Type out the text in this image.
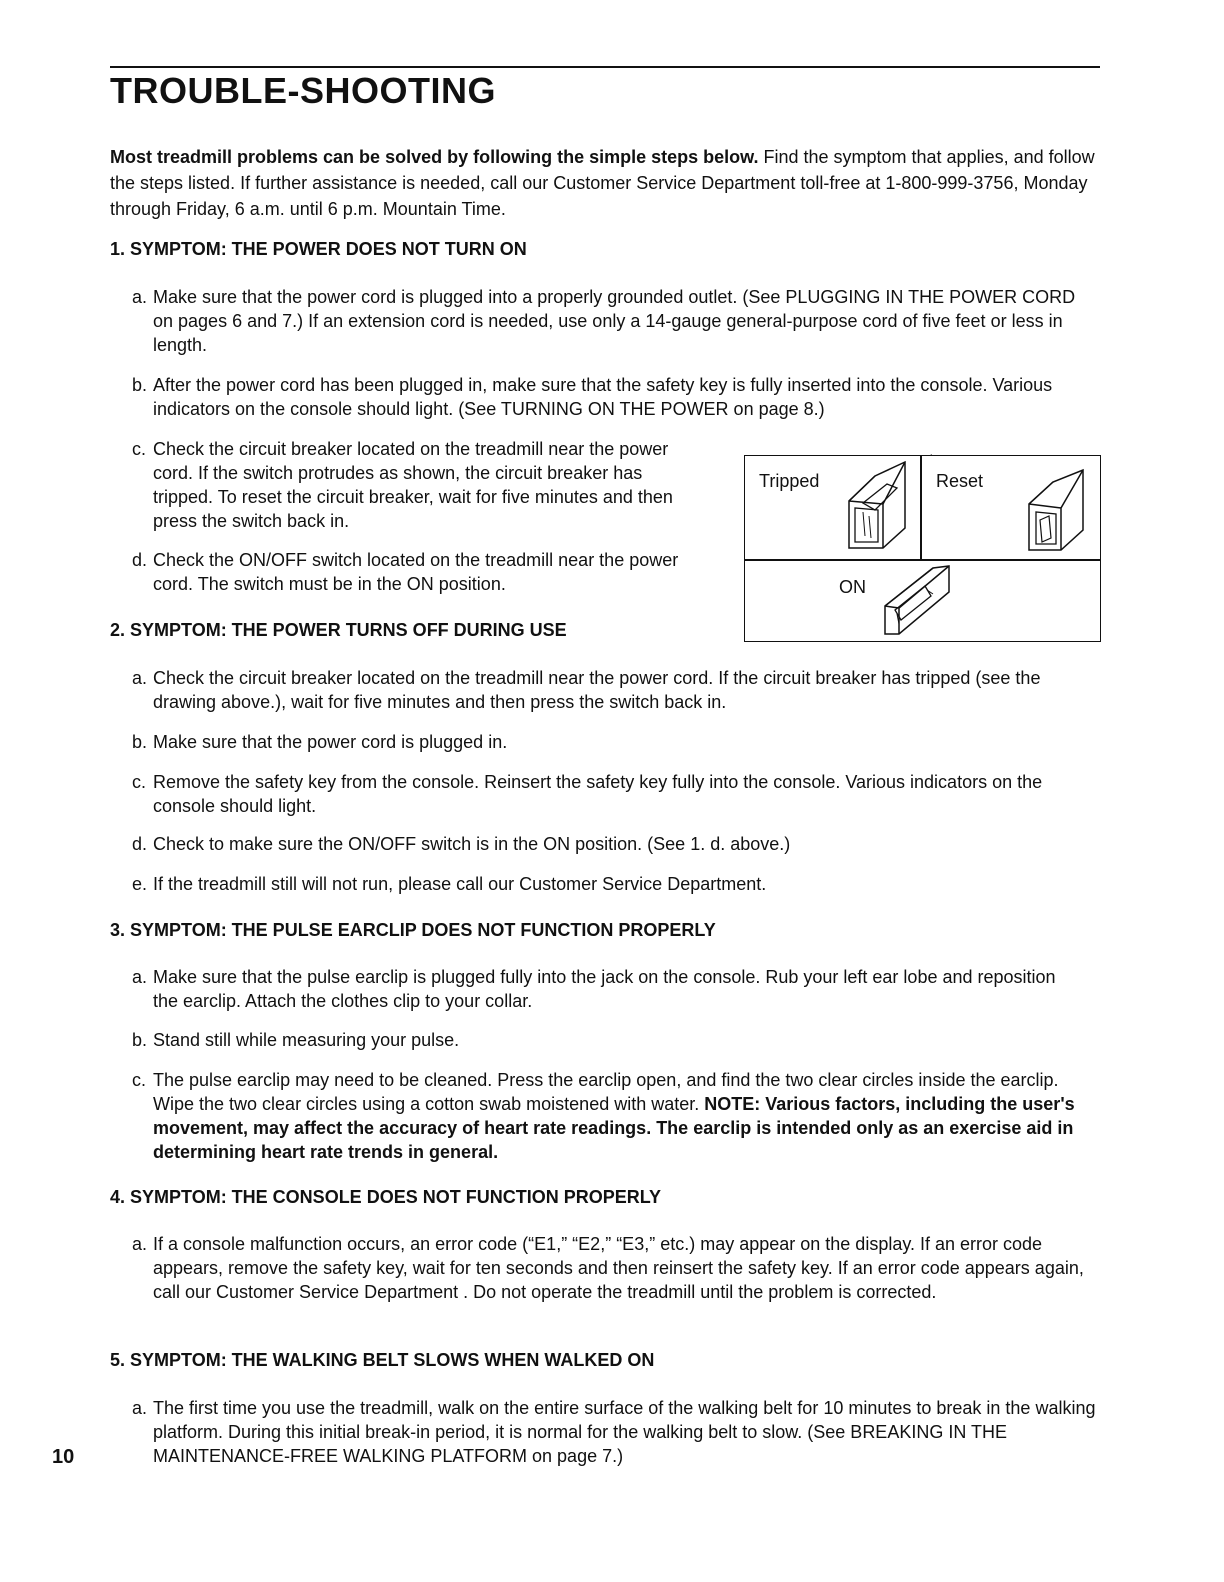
TROUBLE-SHOOTING

Most treadmill problems can be solved by following the simple steps below. Find the symptom that applies, and follow the steps listed. If further assistance is needed, call our Customer Service Department toll-free at 1-800-999-3756, Monday through Friday, 6 a.m. until 6 p.m. Mountain Time.

1. SYMPTOM: THE POWER DOES NOT TURN ON

a. Make sure that the power cord is plugged into a properly grounded outlet. (See PLUGGING IN THE POWER CORD on pages 6 and 7.) If an extension cord is needed, use only a 14-gauge general-purpose cord of five feet or less in length.
b. After the power cord has been plugged in, make sure that the safety key is fully inserted into the console. Various indicators on the console should light. (See TURNING ON THE POWER on page 8.)
c. Check the circuit breaker located on the treadmill near the power cord. If the switch protrudes as shown, the circuit breaker has tripped. To reset the circuit breaker, wait for five minutes and then press the switch back in.
d. Check the ON/OFF switch located on the treadmill near the power cord. The switch must be in the ON position.
Tripped	Reset
ON
·

2. SYMPTOM: THE POWER TURNS OFF DURING USE

a. Check the circuit breaker located on the treadmill near the power cord. If the circuit breaker has tripped (see the drawing above.), wait for five minutes and then press the switch back in.
b. Make sure that the power cord is plugged in.
c. Remove the safety key from the console. Reinsert the safety key fully into the console. Various indicators on the console should light.
d. Check to make sure the ON/OFF switch is in the ON position. (See 1. d. above.)
e. If the treadmill still will not run, please call our Customer Service Department.

3. SYMPTOM: THE PULSE EARCLIP DOES NOT FUNCTION PROPERLY

a. Make sure that the pulse earclip is plugged fully into the jack on the console. Rub your left ear lobe and reposition the earclip. Attach the clothes clip to your collar.
b. Stand still while measuring your pulse.
c. The pulse earclip may need to be cleaned. Press the earclip open, and find the two clear circles inside the earclip. Wipe the two clear circles using a cotton swab moistened with water. NOTE: Various factors, including the user's movement, may affect the accuracy of heart rate readings. The earclip is intended only as an exercise aid in determining heart rate trends in general.

4. SYMPTOM: THE CONSOLE DOES NOT FUNCTION PROPERLY

a. If a console malfunction occurs, an error code (“E1,” “E2,” “E3,” etc.) may appear on the display. If an error code appears, remove the safety key, wait for ten seconds and then reinsert the safety key. If an error code appears again, call our Customer Service Department . Do not operate the treadmill until the problem is corrected.

5. SYMPTOM: THE WALKING BELT SLOWS WHEN WALKED ON

a. The first time you use the treadmill, walk on the entire surface of the walking belt for 10 minutes to break in the walking platform. During this initial break-in period, it is normal for the walking belt to slow. (See BREAKING IN THE MAINTENANCE-FREE WALKING PLATFORM on page 7.)

10
